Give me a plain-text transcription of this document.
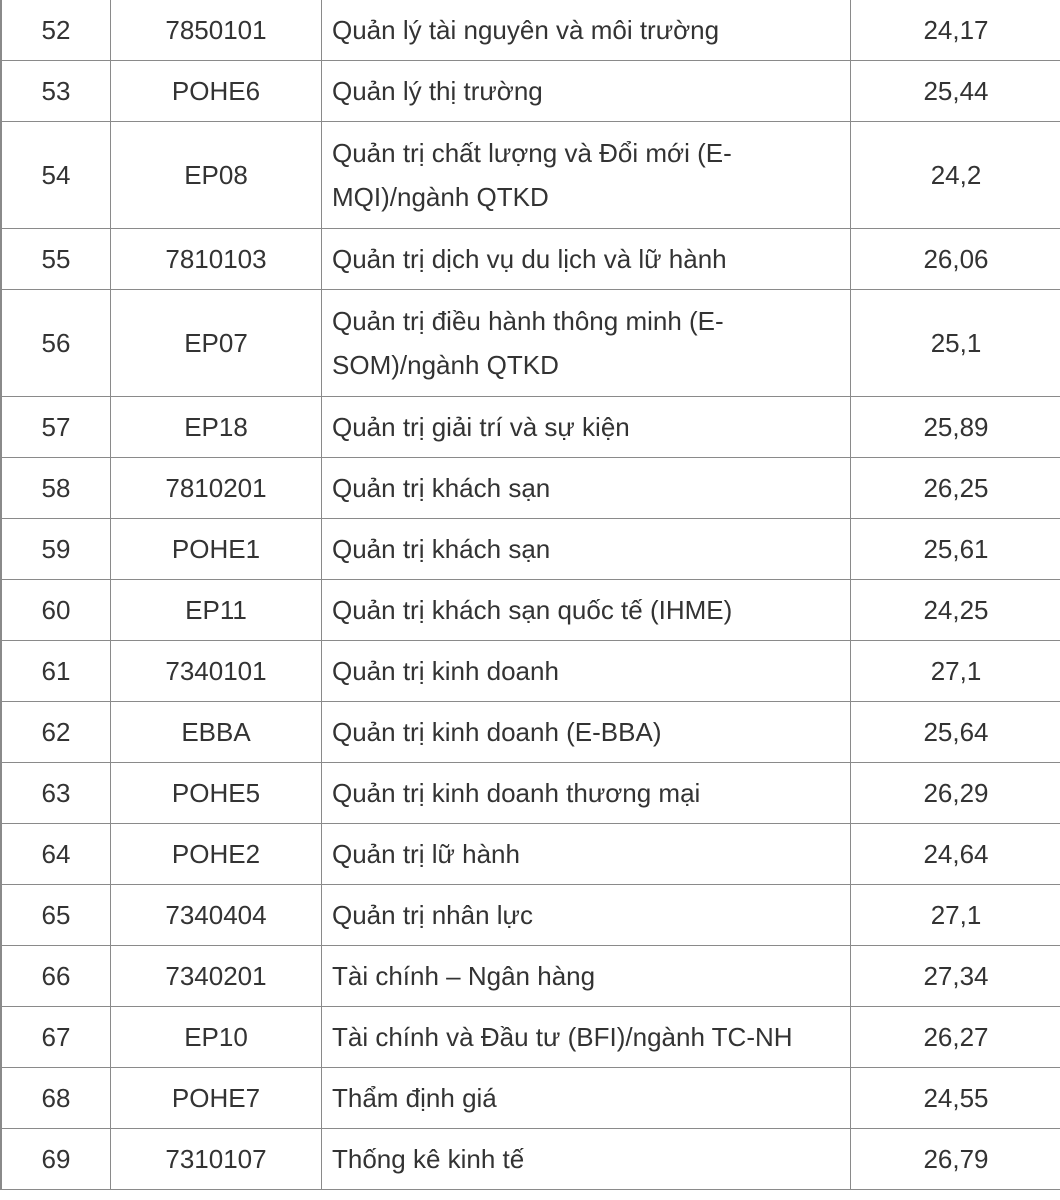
52	7850101	Quản lý tài nguyên và môi trường	24,17
53	POHE6	Quản lý thị trường	25,44
54	EP08	Quản trị chất lượng và Đổi mới (E-MQI)/ngành QTKD	24,2
55	7810103	Quản trị dịch vụ du lịch và lữ hành	26,06
56	EP07	Quản trị điều hành thông minh (E-SOM)/ngành QTKD	25,1
57	EP18	Quản trị giải trí và sự kiện	25,89
58	7810201	Quản trị khách sạn	26,25
59	POHE1	Quản trị khách sạn	25,61
60	EP11	Quản trị khách sạn quốc tế (IHME)	24,25
61	7340101	Quản trị kinh doanh	27,1
62	EBBA	Quản trị kinh doanh (E-BBA)	25,64
63	POHE5	Quản trị kinh doanh thương mại	26,29
64	POHE2	Quản trị lữ hành	24,64
65	7340404	Quản trị nhân lực	27,1
66	7340201	Tài chính – Ngân hàng	27,34
67	EP10	Tài chính và Đầu tư (BFI)/ngành TC-NH	26,27
68	POHE7	Thẩm định giá	24,55
69	7310107	Thống kê kinh tế	26,79
